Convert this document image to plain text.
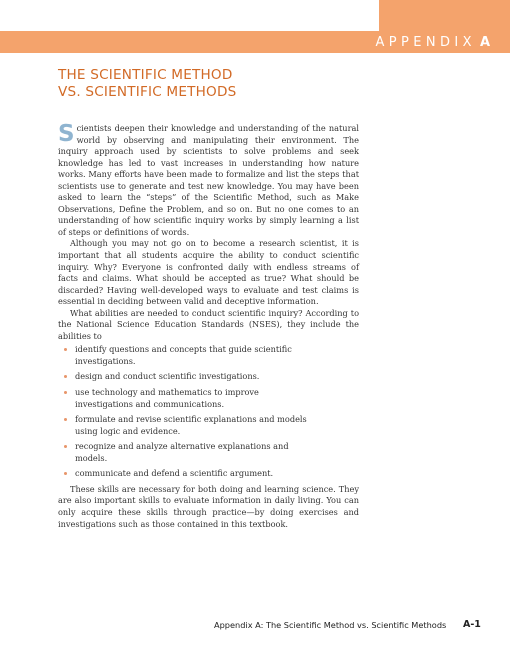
APPENDIX A
THE SCIENTIFIC METHOD
VS. SCIENTIFIC METHODS

Scientists deepen their knowledge and understanding of the natural world by observing and manipulating their environment. The inquiry approach used by scientists to solve problems and seek knowledge has led to vast increases in understanding how nature works. Many efforts have been made to formalize and list the steps that scientists use to generate and test new knowledge. You may have been asked to learn the “steps” of the Scientific Method, such as Make Observations, Define the Problem, and so on. But no one comes to an understanding of how scientific inquiry works by simply learning a list of steps or definitions of words.

Although you may not go on to become a research scientist, it is important that all students acquire the ability to conduct scientific inquiry. Why? Everyone is confronted daily with endless streams of facts and claims. What should be accepted as true? What should be discarded? Having well-developed ways to evaluate and test claims is essential in deciding between valid and deceptive information.

What abilities are needed to conduct scientific inquiry? According to the National Science Education Standards (NSES), they include the abilities to

identify questions and concepts that guide scientific investigations.
design and conduct scientific investigations.
use technology and mathematics to improve investigations and communications.
formulate and revise scientific explanations and models using logic and evidence.
recognize and analyze alternative explanations and models.
communicate and defend a scientific argument.

These skills are necessary for both doing and learning science. They are also important skills to evaluate information in daily living. You can only acquire these skills through practice—by doing exercises and investigations such as those contained in this textbook.

Appendix A: The Scientific Method vs. Scientific Methods A-1
